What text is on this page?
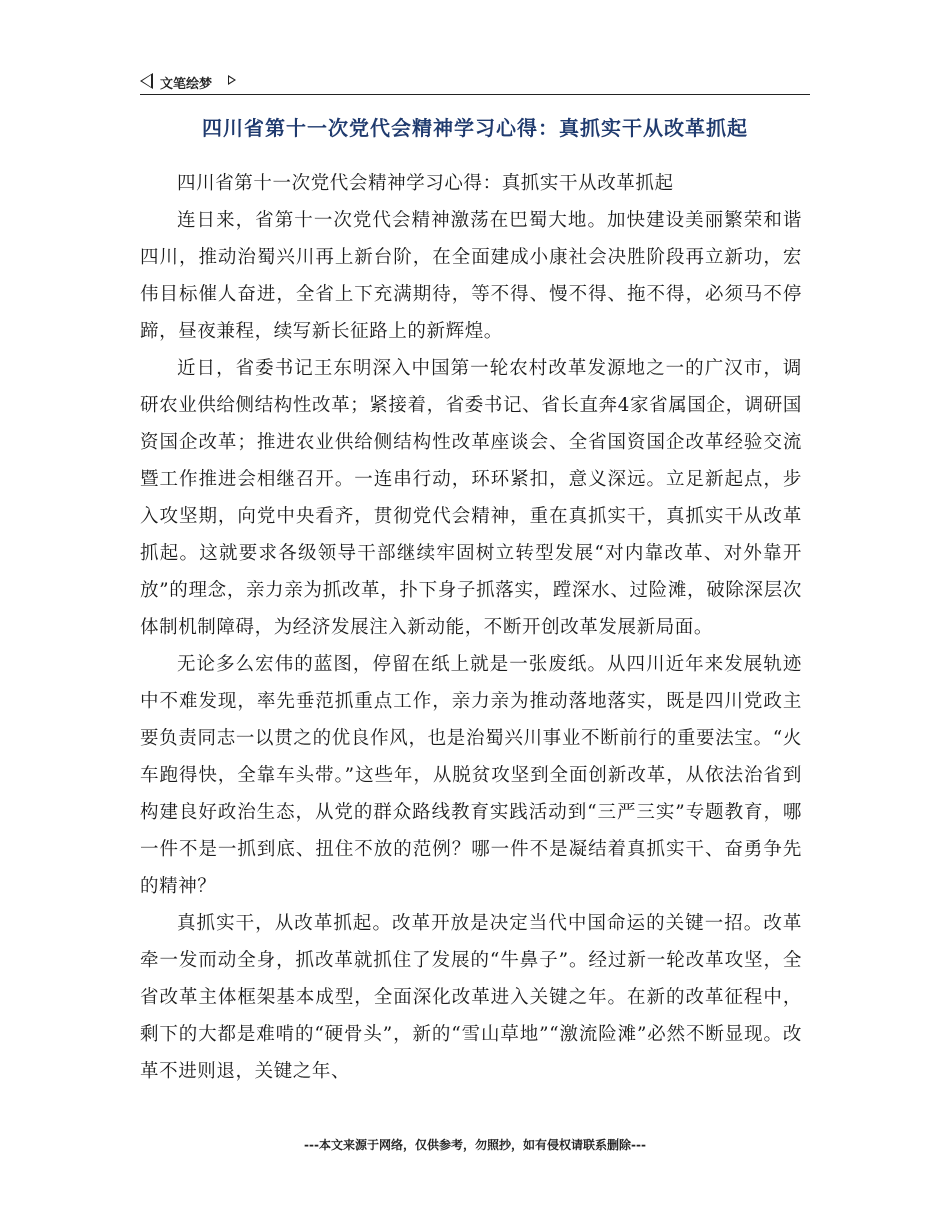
文笔绘梦
四川省第十一次党代会精神学习心得：真抓实干从改革抓起

四川省第十一次党代会精神学习心得：真抓实干从改革抓起

连日来，省第十一次党代会精神激荡在巴蜀大地。加快建设美丽繁荣和谐四川，推动治蜀兴川再上新台阶，在全面建成小康社会决胜阶段再立新功，宏伟目标催人奋进，全省上下充满期待，等不得、慢不得、拖不得，必须马不停蹄，昼夜兼程，续写新长征路上的新辉煌。

近日，省委书记王东明深入中国第一轮农村改革发源地之一的广汉市，调研农业供给侧结构性改革；紧接着，省委书记、省长直奔4家省属国企，调研国资国企改革；推进农业供给侧结构性改革座谈会、全省国资国企改革经验交流暨工作推进会相继召开。一连串行动，环环紧扣，意义深远。立足新起点，步入攻坚期，向党中央看齐，贯彻党代会精神，重在真抓实干，真抓实干从改革抓起。这就要求各级领导干部继续牢固树立转型发展“对内靠改革、对外靠开放”的理念，亲力亲为抓改革，扑下身子抓落实，蹚深水、过险滩，破除深层次体制机制障碍，为经济发展注入新动能，不断开创改革发展新局面。

无论多么宏伟的蓝图，停留在纸上就是一张废纸。从四川近年来发展轨迹中不难发现，率先垂范抓重点工作，亲力亲为推动落地落实，既是四川党政主要负责同志一以贯之的优良作风，也是治蜀兴川事业不断前行的重要法宝。“火车跑得快，全靠车头带。”这些年，从脱贫攻坚到全面创新改革，从依法治省到构建良好政治生态，从党的群众路线教育实践活动到“三严三实”专题教育，哪一件不是一抓到底、扭住不放的范例？哪一件不是凝结着真抓实干、奋勇争先的精神？

真抓实干，从改革抓起。改革开放是决定当代中国命运的关键一招。改革牵一发而动全身，抓改革就抓住了发展的“牛鼻子”。经过新一轮改革攻坚，全省改革主体框架基本成型，全面深化改革进入关键之年。在新的改革征程中，剩下的大都是难啃的“硬骨头”，新的“雪山草地”“激流险滩”必然不断显现。改革不进则退，关键之年、

---本文来源于网络，仅供参考，勿照抄，如有侵权请联系删除---
